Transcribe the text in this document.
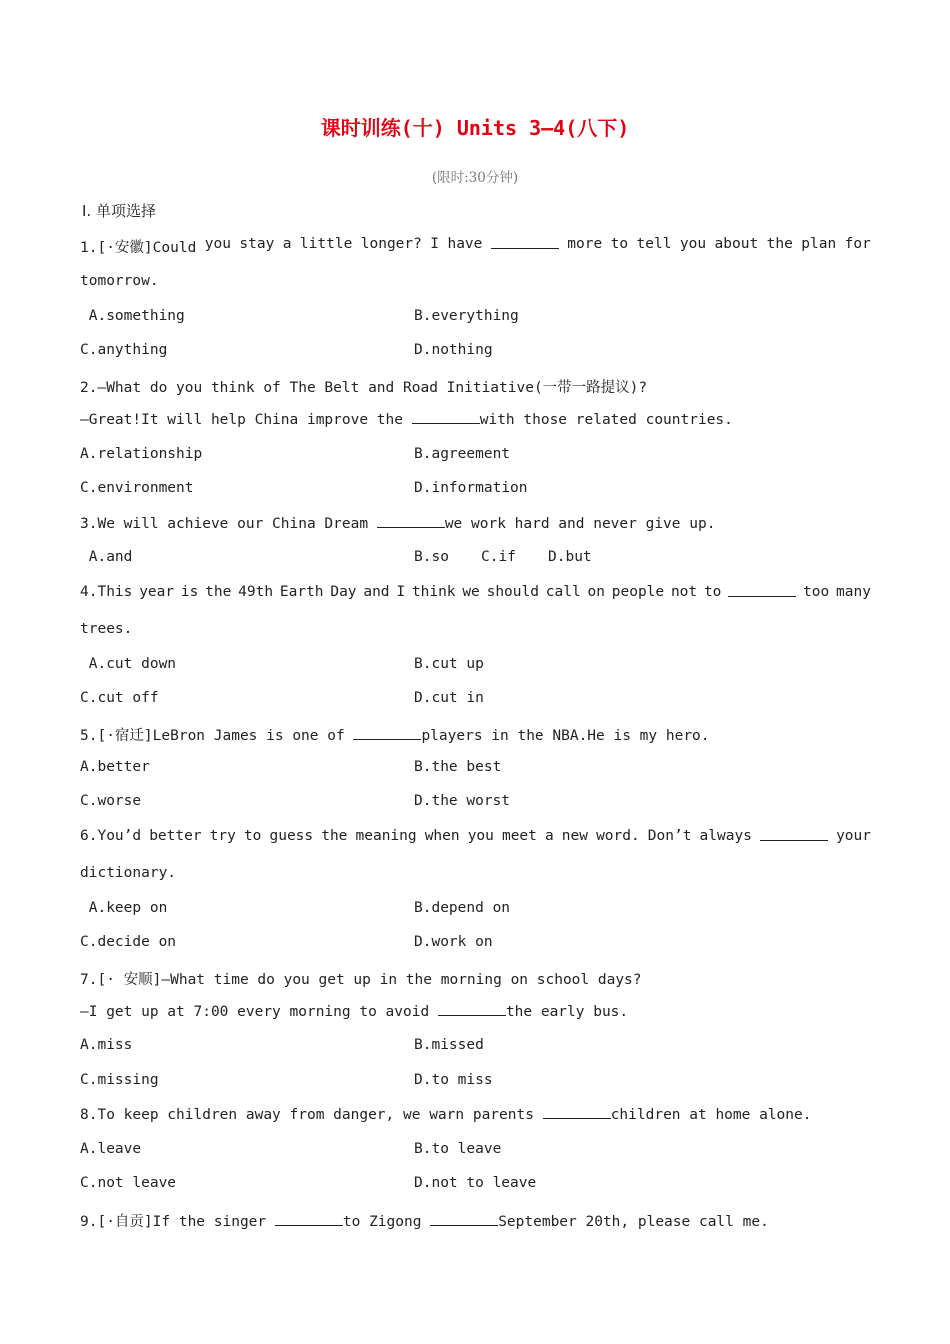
课时训练(十) Units 3—4(八下)
(限时:30分钟)
Ⅰ. 单项选择
1.[·安徽]Could you stay a little longer? I have	more to tell you about the plan for
tomorrow.
A.something	B.everything
C.anything	D.nothing
2.—What do you think of The Belt and Road Initiative(一带一路提议)?
—Great!It will help China improve the	with those related countries.
A.relationship	B.agreement
C.environment	D.information
3.We will achieve our China Dream	we work hard and never give up.
A.and	B.so C.if D.but
4.This year is the 49th Earth Day and I think we should call on people not to	too many
trees.
A.cut down	B.cut up
C.cut off	D.cut in
5.[·宿迁]LeBron James is one of	players in the NBA.He is my hero.
A.better	B.the best
C.worse	D.the worst
6.You’d better try to guess the meaning when you meet a new word. Don’t always	your
dictionary.
A.keep on	B.depend on
C.decide on	D.work on
7.[· 安顺]—What time do you get up in the morning on school days?
—I get up at 7:00 every morning to avoid	the early bus.
A.miss	B.missed
C.missing	D.to miss
8.To keep children away from danger, we warn parents	children at home alone.
A.leave	B.to leave
C.not leave	D.not to leave
9.[·自贡]If the singer	to Zigong	September 20th, please call me.
